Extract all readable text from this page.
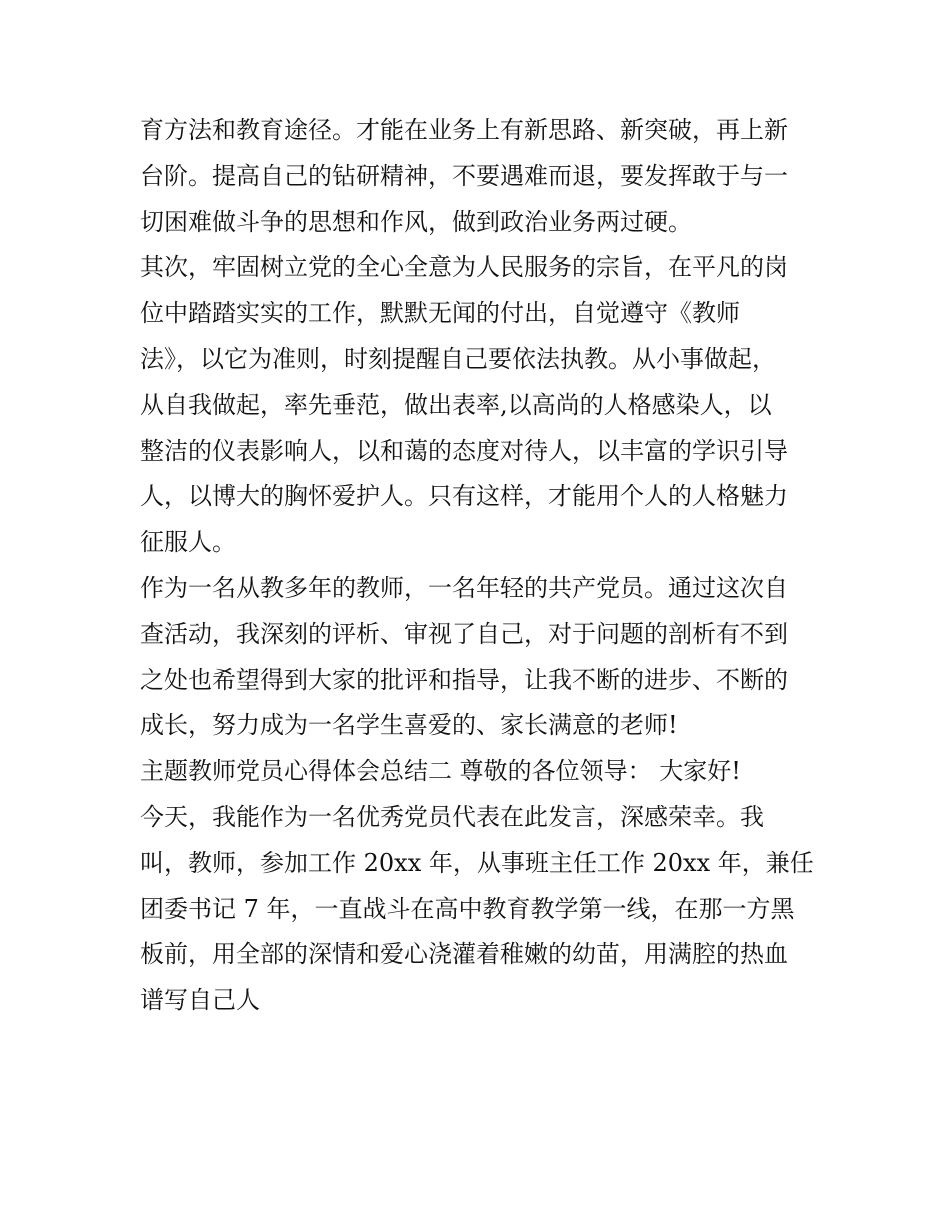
育方法和教育途径。才能在业务上有新思路、新突破，再上新
台阶。提高自己的钻研精神，不要遇难而退，要发挥敢于与一
切困难做斗争的思想和作风，做到政治业务两过硬。
其次，牢固树立党的全心全意为人民服务的宗旨，在平凡的岗
位中踏踏实实的工作，默默无闻的付出，自觉遵守《教师
法》，以它为准则，时刻提醒自己要依法执教。从小事做起，
从自我做起，率先垂范，做出表率,以高尚的人格感染人，以
整洁的仪表影响人，以和蔼的态度对待人，以丰富的学识引导
人，以博大的胸怀爱护人。只有这样，才能用个人的人格魅力
征服人。
作为一名从教多年的教师，一名年轻的共产党员。通过这次自
查活动，我深刻的评析、审视了自己，对于问题的剖析有不到
之处也希望得到大家的批评和指导，让我不断的进步、不断的
成长，努力成为一名学生喜爱的、家长满意的老师!
主题教师党员心得体会总结二 尊敬的各位领导： 大家好!
今天，我能作为一名优秀党员代表在此发言，深感荣幸。我
叫，教师，参加工作 20xx 年，从事班主任工作 20xx 年，兼任
团委书记 7 年，一直战斗在高中教育教学第一线，在那一方黑
板前，用全部的深情和爱心浇灌着稚嫩的幼苗，用满腔的热血
谱写自己人
